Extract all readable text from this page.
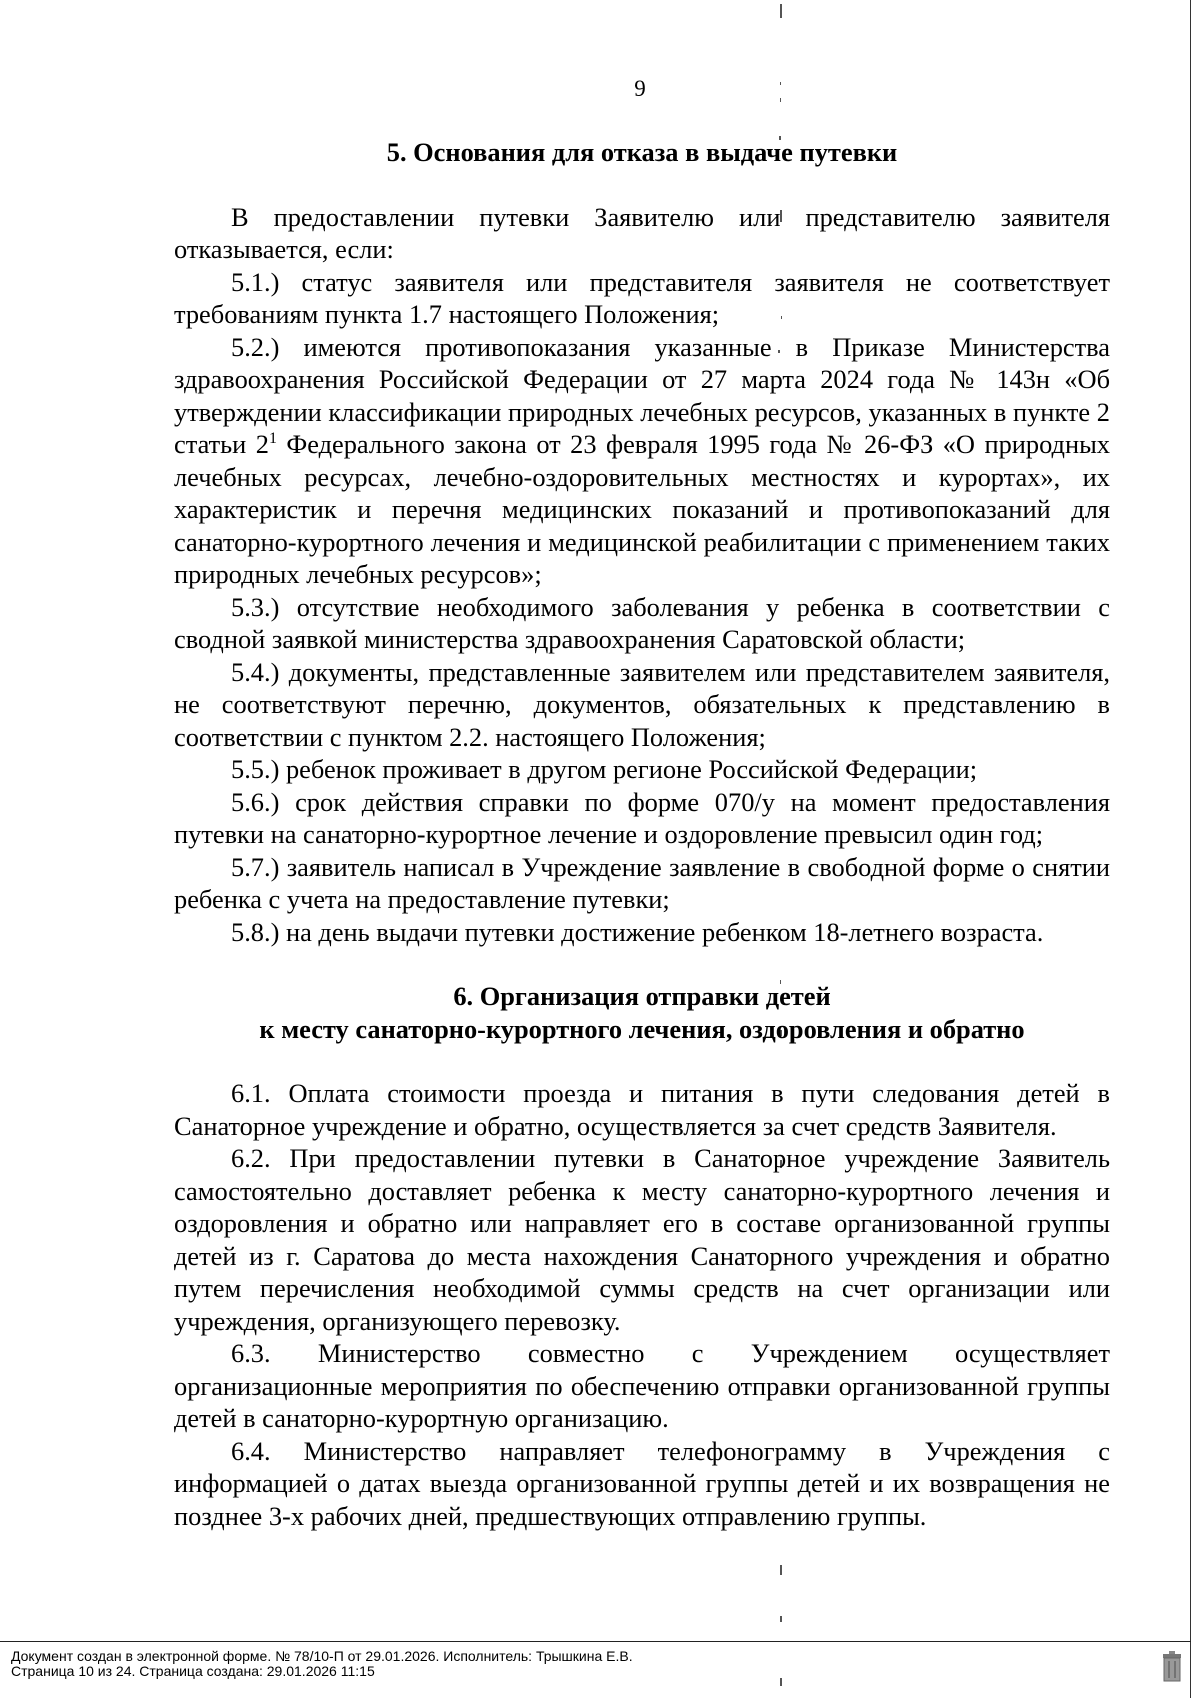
9
5. Основания для отказа в выдаче путевки

В предоставлении путевки Заявителю или представителю заявителя отказывается, если:

5.1.) статус заявителя или представителя заявителя не соответствует требованиям пункта 1.7 настоящего Положения;

5.2.) имеются противопоказания указанные в Приказе Министерства здравоохранения Российской Федерации от 27 марта 2024 года № 143н «Об утверждении классификации природных лечебных ресурсов, указанных в пункте 2 статьи $2^1$ Федерального закона от 23 февраля 1995 года № 26-ФЗ «О природных лечебных ресурсах, лечебно-оздоровительных местностях и курортах», их характеристик и перечня медицинских показаний и противопоказаний для санаторно-курортного лечения и медицинской реабилитации с применением таких природных лечебных ресурсов»;

5.3.) отсутствие необходимого заболевания у ребенка в соответствии с сводной заявкой министерства здравоохранения Саратовской области;

5.4.) документы, представленные заявителем или представителем заявителя, не соответствуют перечню, документов, обязательных к представлению в соответствии с пунктом 2.2. настоящего Положения;

5.5.) ребенок проживает в другом регионе Российской Федерации;

5.6.) срок действия справки по форме 070/у на момент предоставления путевки на санаторно-курортное лечение и оздоровление превысил один год;

5.7.) заявитель написал в Учреждение заявление в свободной форме о снятии ребенка с учета на предоставление путевки;

5.8.) на день выдачи путевки достижение ребенком 18-летнего возраста.

6. Организация отправки детей
к месту санаторно-курортного лечения, оздоровления и обратно

6.1. Оплата стоимости проезда и питания в пути следования детей в Санаторное учреждение и обратно, осуществляется за счет средств Заявителя.

6.2. При предоставлении путевки в Санаторное учреждение Заявитель самостоятельно доставляет ребенка к месту санаторно-курортного лечения и оздоровления и обратно или направляет его в составе организованной группы детей из г. Саратова до места нахождения Санаторного учреждения и обратно путем перечисления необходимой суммы средств на счет организации или учреждения, организующего перевозку.

6.3. Министерство совместно с Учреждением осуществляет организационные мероприятия по обеспечению отправки организованной группы детей в санаторно-курортную организацию.

6.4. Министерство направляет телефонограмму в Учреждения с информацией о датах выезда организованной группы детей и их возвращения не позднее 3-х рабочих дней, предшествующих отправлению группы.

Документ создан в электронной форме. № 78/10-П от 29.01.2026. Исполнитель: Трышкина Е.В.
Страница 10 из 24. Страница создана: 29.01.2026 11:15
